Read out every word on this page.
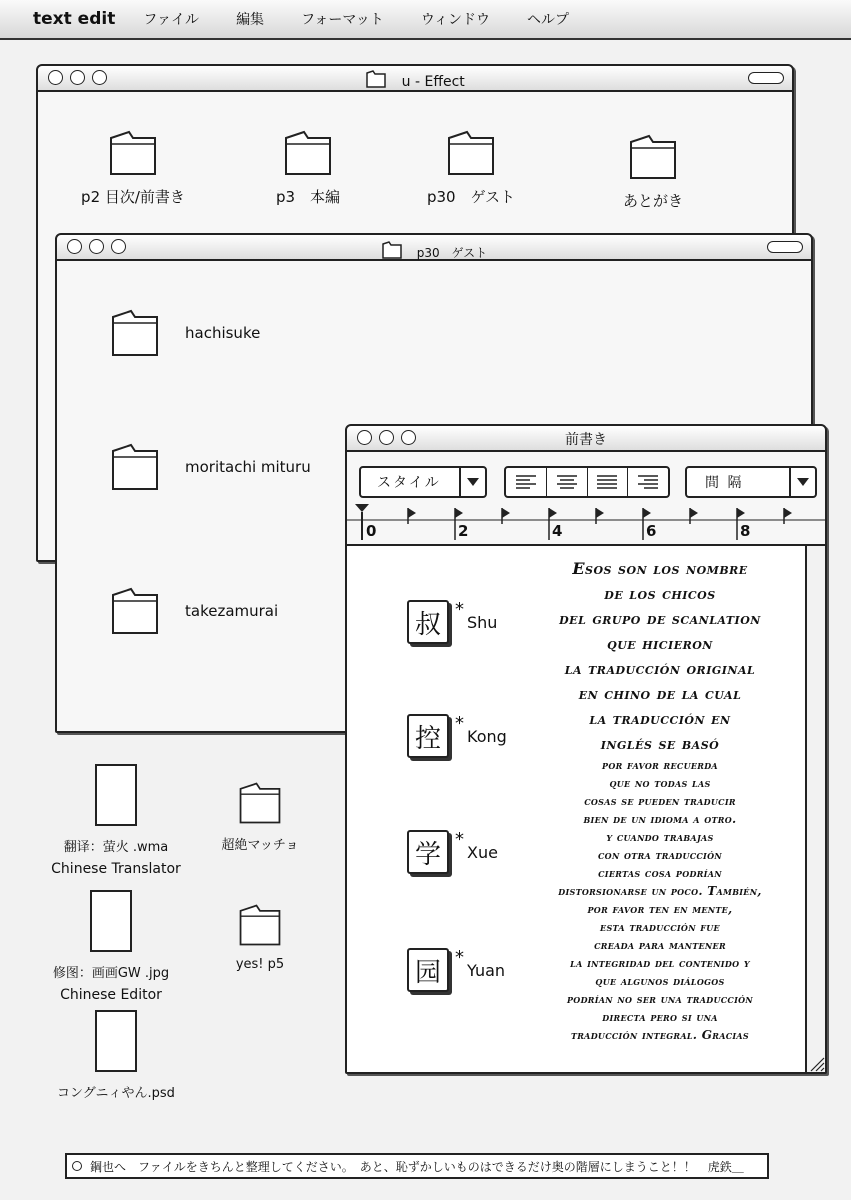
text edit ファイル	編集	フォーマット	ウィンドウ	ヘルプ
u - Effect
p2 目次/前書き	p3　本編	p30　ゲスト	あとがき
p30　ゲスト
hachisuke
moritachi mituru
takezamurai
前書き
スタイル	間 隔
0	2	4	6	8
叔
*
Shu
控
*
Kong
学
*
Xue
园
*
Yuan
Esos son los nombre
de los chicos
del grupo de scanlation
que hicieron
la traducción original
en chino de la cual
la traducción en
inglés se basó
por favor recuerda
que no todas las
cosas se pueden traducir
bien de un idioma a otro.
y cuando trabajas
con otra traducción
ciertas cosa podrían
distorsionarse un poco. También,
por favor ten en mente,
esta traducción fue
creada para mantener
la integridad del contenido y
que algunos diálogos
podrían no ser una traducción
directa pero si una
traducción integral. Gracias
翻译：萤火 .wma
Chinese Translator
修图：画画GW .jpg
Chinese Editor
コングニィやん.psd
超絶マッチョ
yes! p5
鋼也へ　ファイルをきちんと整理してください。　あと、恥ずかしいものはできるだけ奥の階層にしまうこと！！　虎鉄＿
